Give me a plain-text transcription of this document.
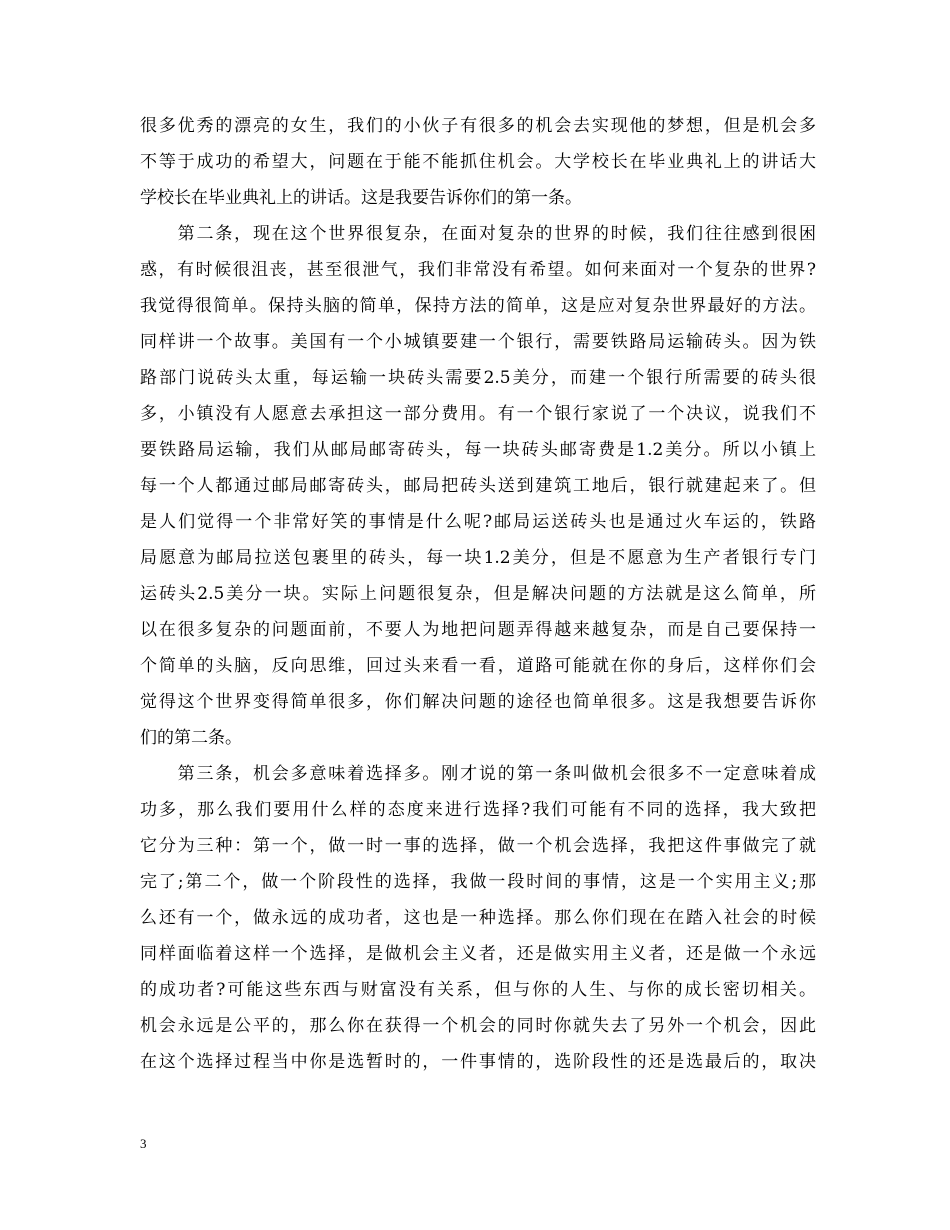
很多优秀的漂亮的女生，我们的小伙子有很多的机会去实现他的梦想，但是机会多
不等于成功的希望大，问题在于能不能抓住机会。大学校长在毕业典礼上的讲话大
学校长在毕业典礼上的讲话。这是我要告诉你们的第一条。
　　第二条，现在这个世界很复杂，在面对复杂的世界的时候，我们往往感到很困
惑，有时候很沮丧，甚至很泄气，我们非常没有希望。如何来面对一个复杂的世界?
我觉得很简单。保持头脑的简单，保持方法的简单，这是应对复杂世界最好的方法。
同样讲一个故事。美国有一个小城镇要建一个银行，需要铁路局运输砖头。因为铁
路部门说砖头太重，每运输一块砖头需要2.5美分，而建一个银行所需要的砖头很
多，小镇没有人愿意去承担这一部分费用。有一个银行家说了一个决议，说我们不
要铁路局运输，我们从邮局邮寄砖头，每一块砖头邮寄费是1.2美分。所以小镇上
每一个人都通过邮局邮寄砖头，邮局把砖头送到建筑工地后，银行就建起来了。但
是人们觉得一个非常好笑的事情是什么呢?邮局运送砖头也是通过火车运的，铁路
局愿意为邮局拉送包裹里的砖头，每一块1.2美分，但是不愿意为生产者银行专门
运砖头2.5美分一块。实际上问题很复杂，但是解决问题的方法就是这么简单，所
以在很多复杂的问题面前，不要人为地把问题弄得越来越复杂，而是自己要保持一
个简单的头脑，反向思维，回过头来看一看，道路可能就在你的身后，这样你们会
觉得这个世界变得简单很多，你们解决问题的途径也简单很多。这是我想要告诉你
们的第二条。
　　第三条，机会多意味着选择多。刚才说的第一条叫做机会很多不一定意味着成
功多，那么我们要用什么样的态度来进行选择?我们可能有不同的选择，我大致把
它分为三种：第一个，做一时一事的选择，做一个机会选择，我把这件事做完了就
完了;第二个，做一个阶段性的选择，我做一段时间的事情，这是一个实用主义;那
么还有一个，做永远的成功者，这也是一种选择。那么你们现在在踏入社会的时候
同样面临着这样一个选择，是做机会主义者，还是做实用主义者，还是做一个永远
的成功者?可能这些东西与财富没有关系，但与你的人生、与你的成长密切相关。
机会永远是公平的，那么你在获得一个机会的同时你就失去了另外一个机会，因此
在这个选择过程当中你是选暂时的，一件事情的，选阶段性的还是选最后的，取决
3
